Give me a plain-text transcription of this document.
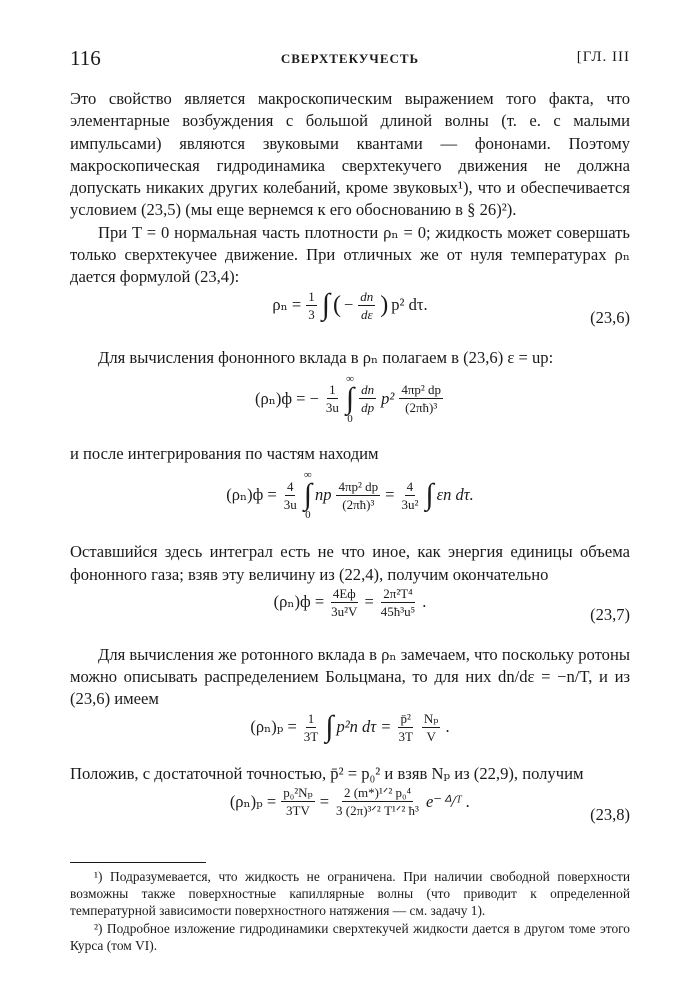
116	СВЕРХТЕКУЧЕСТЬ	[ГЛ. III

Это свойство является макроскопическим выражением того факта, что элементарные возбуждения с большой длиной волны (т. е. с малыми импульсами) являются звуковыми квантами — фононами. Поэтому макроскопическая гидродинамика сверхтекучего движения не должна допускать никаких других колебаний, кроме звуковых¹), что и обеспечивается условием (23,5) (мы еще вернемся к его обоснованию в § 26)²).

При T = 0 нормальная часть плотности ρₙ = 0; жидкость может совершать только сверхтекучее движение. При отличных же от нуля температурах ρₙ дается формулой (23,4):

$\rho_n = \frac{1}{3}$ ∫ ( − $\frac{dn}{d\varepsilon}$ ) p² dτ.
(23,6)

Для вычисления фононного вклада в ρₙ полагаем в (23,6) ε = up:

(ρₙ)ф = − $\frac{1}{3u}$
∞
∫
0
dn
dp p² 4πp² dp
(2πħ)³

и после интегрирования по частям находим

$(\rho_n)ф = \frac{4}{3u}$
∞
∫
0
np $\frac{\text{4πp² dp}}{\text{(2πħ)³}} = \frac{4}{\text{3u²}}$ ∫ εn dτ.

Оставшийся здесь интеграл есть не что иное, как энергия единицы объема фононного газа; взяв эту величину из (22,4), получим окончательно

(ρₙ)ф = 4Eф
$3u^2V = \frac{\text{2π²T⁴}}{\text{45ħ³u⁵}}$ .
(23,7)

Для вычисления же ротонного вклада в ρₙ замечаем, что поскольку ротоны можно описывать распределением Больцмана, то для них dn/dε = −n/T, и из (23,6) имеем

$(\rho_n)_p = \frac{1}{3T}$ ∫ p²n $d\tau = \frac{\text{p̄²}}{3T}$ Nₚ
V .

Положив, с достаточной точностью, p̄² = p₀² и взяв Nₚ из (22,9), получим

$(\rho_n)_p = \frac{\text{p₀²Nₚ}}{3TV} = 2$ (m*)¹ᐟ² p₀⁴
3 (2π)³ᐟ² T¹ᐟ² ħ³ e⁻ᐞ/ᵀ .
(23,8)

¹) Подразумевается, что жидкость не ограничена. При наличии свободной поверхности возможны также поверхностные капиллярные волны (что приводит к определенной температурной зависимости поверхностного натяжения — см. задачу 1).

²) Подробное изложение гидродинамики сверхтекучей жидкости дается в другом томе этого Курса (том VI).
